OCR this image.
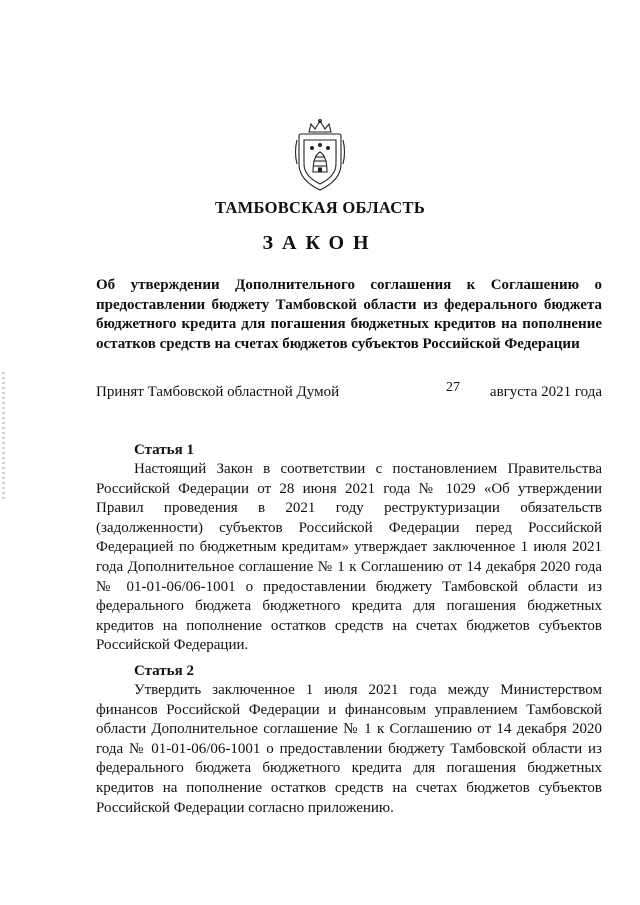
ТАМБОВСКАЯ ОБЛАСТЬ
ЗАКОН
Об утверждении Дополнительного соглашения к Соглашению о предоставлении бюджету Тамбовской области из федерального бюджета бюджетного кредита для погашения бюджетных кредитов на пополнение остатков средств на счетах бюджетов субъектов Российской Федерации
Принят Тамбовской областной Думой	27 августа 2021 года
Статья 1

Настоящий Закон в соответствии с постановлением Правительства Российской Федерации от 28 июня 2021 года № 1029 «Об утверждении Правил проведения в 2021 году реструктуризации обязательств (задолженности) субъектов Российской Федерации перед Российской Федерацией по бюджетным кредитам» утверждает заключенное 1 июля 2021 года Дополнительное соглашение № 1 к Соглашению от 14 декабря 2020 года № 01-01-06/06-1001 о предоставлении бюджету Тамбовской области из федерального бюджета бюджетного кредита для погашения бюджетных кредитов на пополнение остатков средств на счетах бюджетов субъектов Российской Федерации.

Статья 2

Утвердить заключенное 1 июля 2021 года между Министерством финансов Российской Федерации и финансовым управлением Тамбовской области Дополнительное соглашение № 1 к Соглашению от 14 декабря 2020 года № 01-01-06/06-1001 о предоставлении бюджету Тамбовской области из федерального бюджета бюджетного кредита для погашения бюджетных кредитов на пополнение остатков средств на счетах бюджетов субъектов Российской Федерации согласно приложению.
